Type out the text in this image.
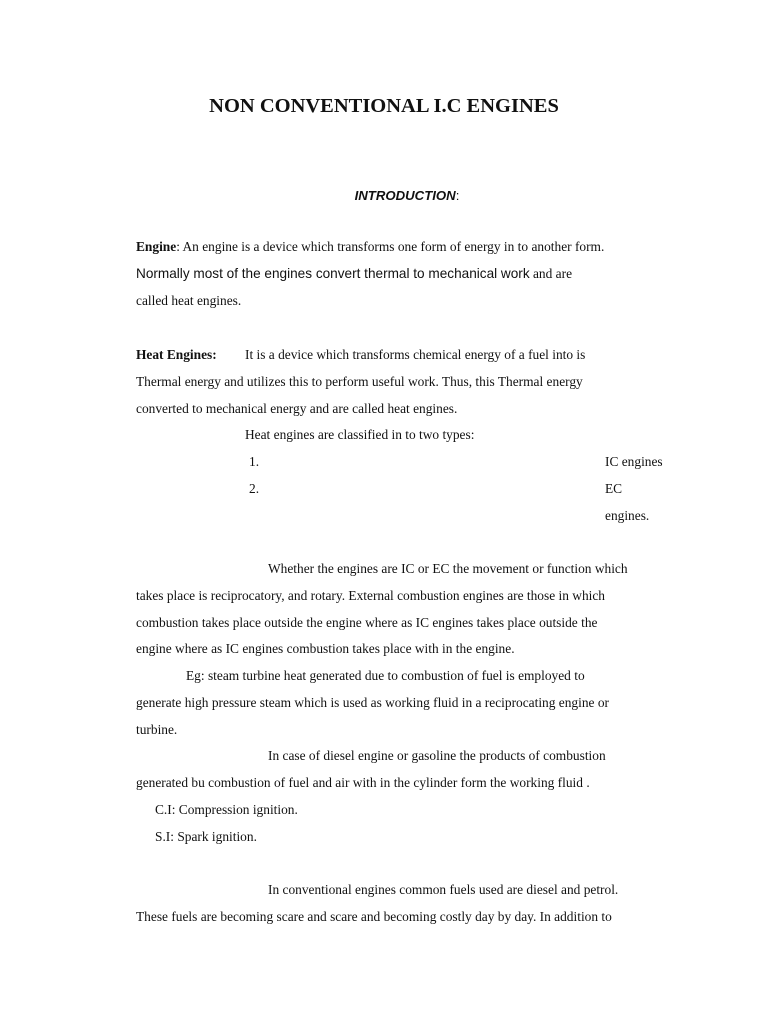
NON CONVENTIONAL I.C ENGINES
INTRODUCTION:
Engine: An engine is a device which transforms one form of energy in to another form.
Normally most of the engines convert thermal to mechanical work and are
called heat engines.
Heat Engines: It is a device which transforms chemical energy of a fuel into is
Thermal energy and utilizes this to perform useful work. Thus, this Thermal energy
converted to mechanical energy and are called heat engines.
Heat engines are classified in to two types:
1.	IC engines
2.	EC
engines.
Whether the engines are IC or EC the movement or function which
takes place is reciprocatory, and rotary. External combustion engines are those in which
combustion takes place outside the engine where as IC engines takes place outside the
engine where as IC engines combustion takes place with in the engine.
Eg: steam turbine heat generated due to combustion of fuel is employed to
generate high pressure steam which is used as working fluid in a reciprocating engine or
turbine.
In case of diesel engine or gasoline the products of combustion
generated bu combustion of fuel and air with in the cylinder form the working fluid .
C.I: Compression ignition.
S.I: Spark ignition.
In conventional engines common fuels used are diesel and petrol.
These fuels are becoming scare and scare and becoming costly day by day. In addition to
